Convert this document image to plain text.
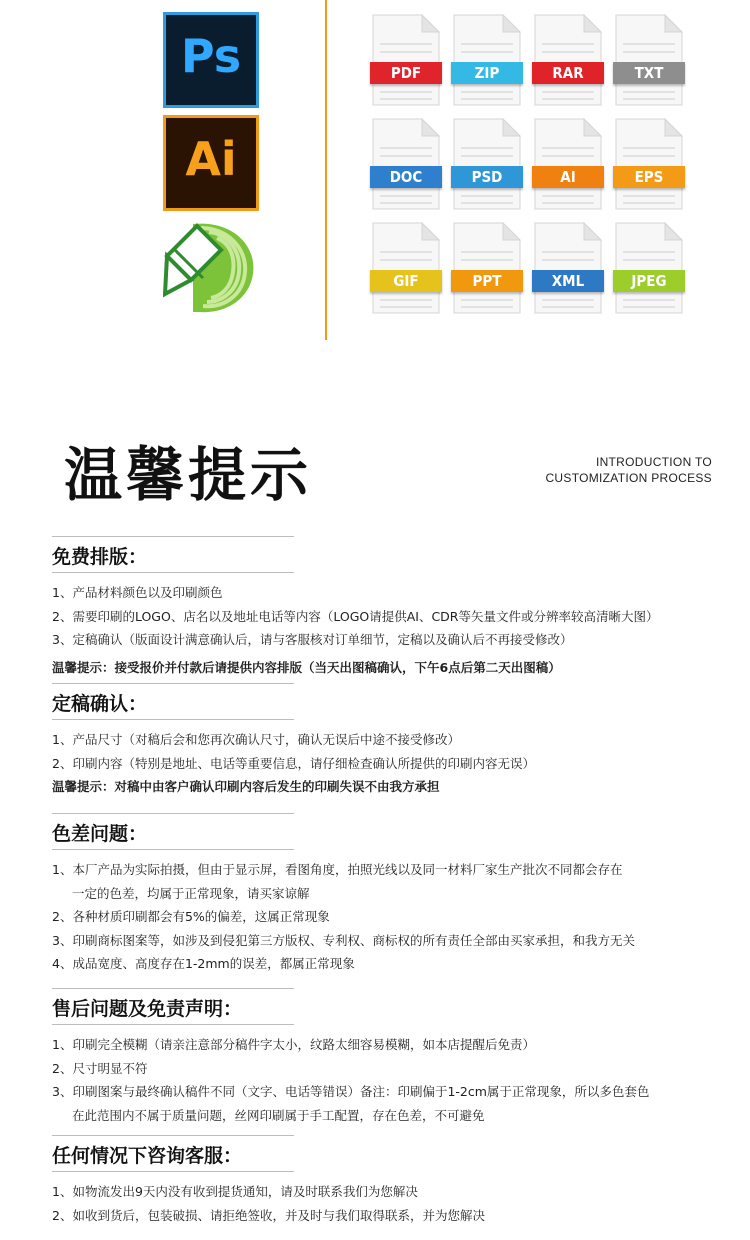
Ps
Ai
PDF	ZIP	RAR	TXT
DOC	PSD	AI	EPS
GIF	PPT	XML	JPEG
温馨提示	INTRODUCTION TO
CUSTOMIZATION PROCESS
免费排版：
1、产品材料颜色以及印刷颜色
2、需要印刷的LOGO、店名以及地址电话等内容（LOGO请提供AI、CDR等矢量文件或分辨率较高清晰大图）
3、定稿确认（版面设计满意确认后，请与客服核对订单细节，定稿以及确认后不再接受修改）
温馨提示：接受报价并付款后请提供内容排版（当天出图稿确认，下午6点后第二天出图稿）
定稿确认：
1、产品尺寸（对稿后会和您再次确认尺寸，确认无误后中途不接受修改）
2、印刷内容（特别是地址、电话等重要信息，请仔细检查确认所提供的印刷内容无误）
温馨提示：对稿中由客户确认印刷内容后发生的印刷失误不由我方承担
色差问题：
1、本厂产品为实际拍摄，但由于显示屏，看图角度，拍照光线以及同一材料厂家生产批次不同都会存在
一定的色差，均属于正常现象，请买家谅解
2、各种材质印刷都会有5%的偏差，这属正常现象
3、印刷商标图案等，如涉及到侵犯第三方版权、专利权、商标权的所有责任全部由买家承担，和我方无关
4、成品宽度、高度存在1-2mm的误差，都属正常现象
售后问题及免责声明：
1、印刷完全模糊（请亲注意部分稿件字太小，纹路太细容易模糊，如本店提醒后免责）
2、尺寸明显不符
3、印刷图案与最终确认稿件不同（文字、电话等错误）备注：印刷偏于1-2cm属于正常现象，所以多色套色
在此范围内不属于质量问题，丝网印刷属于手工配置，存在色差，不可避免
任何情况下咨询客服：
1、如物流发出9天内没有收到提货通知，请及时联系我们为您解决
2、如收到货后，包装破损、请拒绝签收，并及时与我们取得联系，并为您解决
